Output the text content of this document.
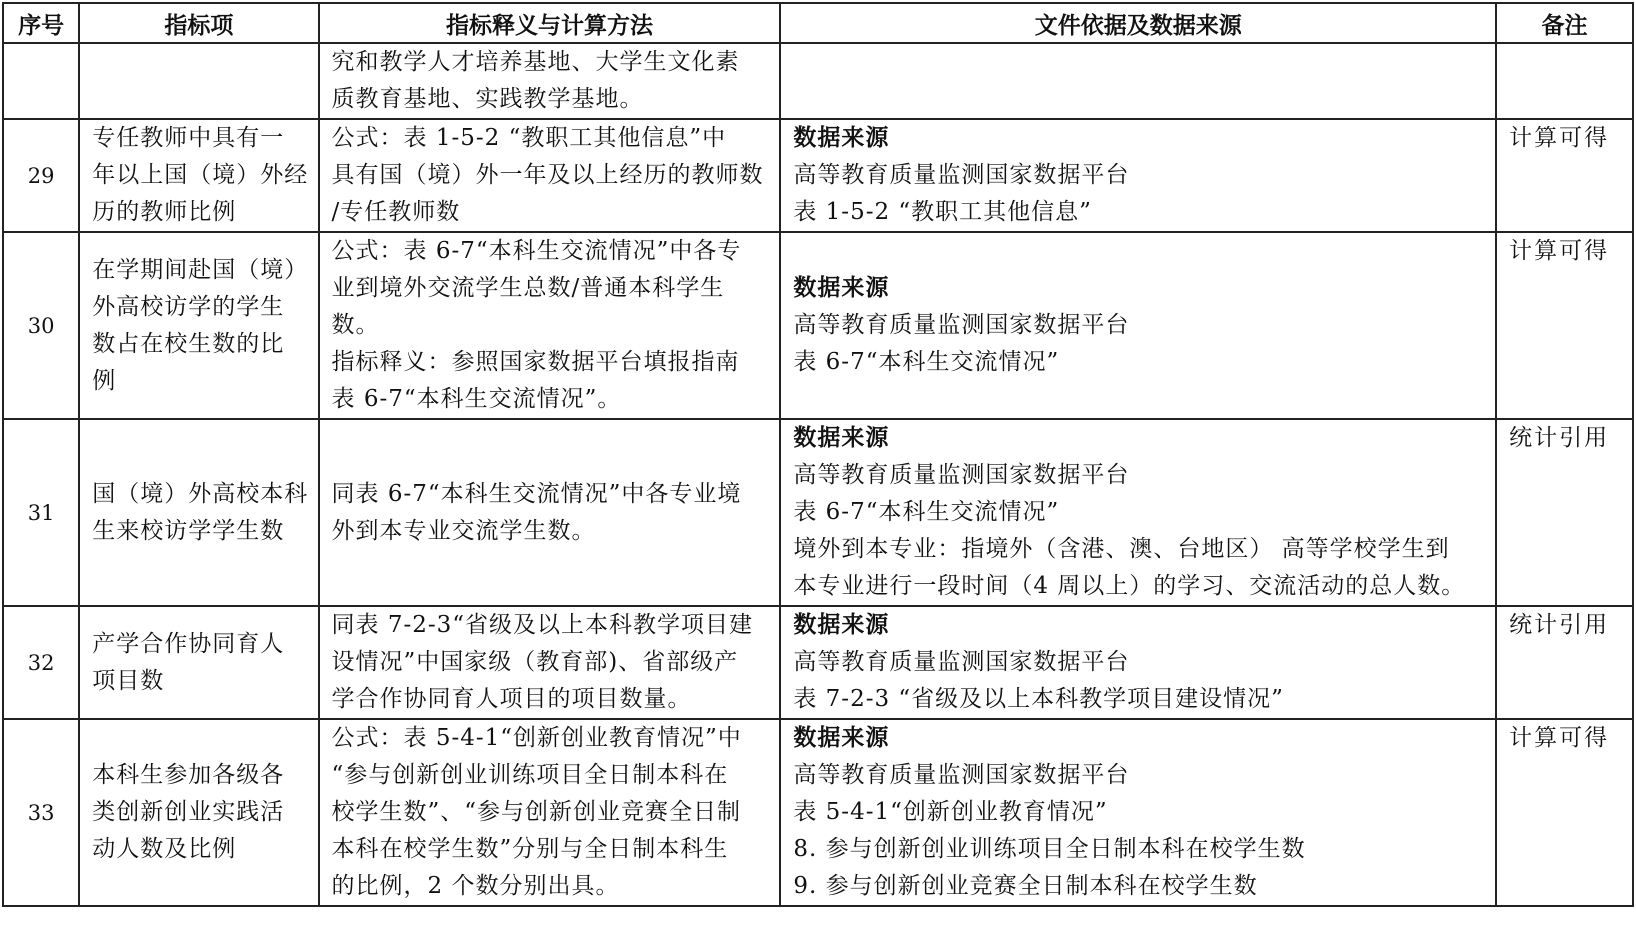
序号	指标项	指标释义与计算方法	文件依据及数据来源	备注

		究和教学人才培养基地、大学生文化素
质教育基地、实践教学基地。		

29	专任教师中具有一
年以上国（境）外经
历的教师比例	公式：表 1-5-2 “教职工其他信息”中
具有国（境）外一年及以上经历的教师数
/专任教师数	数据来源
高等教育质量监测国家数据平台
表 1-5-2 “教职工其他信息”	计算可得
30	在学期间赴国（境）
外高校访学的学生
数占在校生数的比
例	公式：表 6-7“本科生交流情况”中各专
业到境外交流学生总数/普通本科学生
数。
指标释义：参照国家数据平台填报指南
表 6-7“本科生交流情况”。	数据来源
高等教育质量监测国家数据平台
表 6-7“本科生交流情况”	计算可得
31	国（境）外高校本科
生来校访学学生数	同表 6-7“本科生交流情况”中各专业境
外到本专业交流学生数。	数据来源
高等教育质量监测国家数据平台
表 6-7“本科生交流情况”
境外到本专业：指境外（含港、澳、台地区） 高等学校学生到
本专业进行一段时间（4 周以上）的学习、交流活动的总人数。	统计引用
32	产学合作协同育人
项目数	同表 7-2-3“省级及以上本科教学项目建
设情况”中国家级（教育部)、省部级产
学合作协同育人项目的项目数量。	数据来源
高等教育质量监测国家数据平台
表 7-2-3 “省级及以上本科教学项目建设情况”	统计引用
33	本科生参加各级各
类创新创业实践活
动人数及比例	公式：表 5-4-1“创新创业教育情况”中
“参与创新创业训练项目全日制本科在
校学生数”、“参与创新创业竞赛全日制
本科在校学生数”分别与全日制本科生
的比例，2 个数分别出具。	数据来源
高等教育质量监测国家数据平台
表 5-4-1“创新创业教育情况”
8. 参与创新创业训练项目全日制本科在校学生数
9. 参与创新创业竞赛全日制本科在校学生数	计算可得
